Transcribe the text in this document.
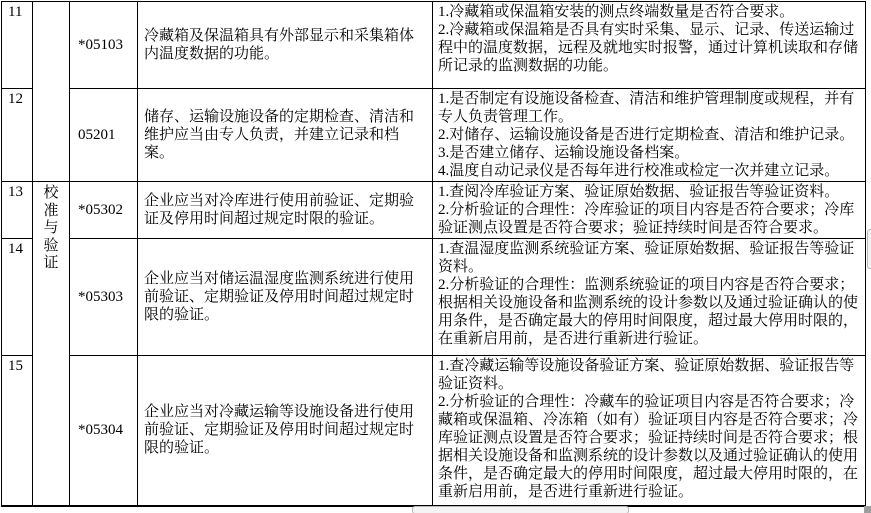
11		*05103	冷藏箱及保温箱具有外部显示和采集箱体内温度数据的功能。	1.冷藏箱或保温箱安装的测点终端数量是否符合要求。
2.冷藏箱或保温箱是否具有实时采集、显示、记录、传送运输过程中的温度数据，远程及就地实时报警，通过计算机读取和存储所记录的监测数据的功能。

12		05201	储存、运输设施设备的定期检查、清洁和维护应当由专人负责，并建立记录和档案。	1.是否制定有设施设备检查、清洁和维护管理制度或规程，并有专人负责管理工作。
2.对储存、运输设施设备是否进行定期检查、清洁和维护记录。
3.是否建立储存、运输设施设备档案。
4.温度自动记录仪是否每年进行校准或检定一次并建立记录。

13	校准与验证	*05302	企业应当对冷库进行使用前验证、定期验证及停用时间超过规定时限的验证。	1.查阅冷库验证方案、验证原始数据、验证报告等验证资料。
2.分析验证的合理性：冷库验证的项目内容是否符合要求；冷库验证测点设置是否符合要求；验证持续时间是否符合要求。

14		*05303	企业应当对储运温湿度监测系统进行使用前验证、定期验证及停用时间超过规定时限的验证。	1.查温湿度监测系统验证方案、验证原始数据、验证报告等验证资料。
2.分析验证的合理性：监测系统验证的项目内容是否符合要求；根据相关设施设备和监测系统的设计参数以及通过验证确认的使用条件，是否确定最大的停用时间限度，超过最大停用时限的，在重新启用前，是否进行重新进行验证。

15		*05304	企业应当对冷藏运输等设施设备进行使用前验证、定期验证及停用时间超过规定时限的验证。	1.查冷藏运输等设施设备验证方案、验证原始数据、验证报告等验证资料。
2.分析验证的合理性：冷藏车的验证项目内容是否符合要求；冷藏箱或保温箱、冷冻箱（如有）验证项目内容是否符合要求；冷库验证测点设置是否符合要求；验证持续时间是否符合要求；根据相关设施设备和监测系统的设计参数以及通过验证确认的使用条件，是否确定最大的停用时间限度，超过最大停用时限的，在重新启用前，是否进行重新进行验证。
